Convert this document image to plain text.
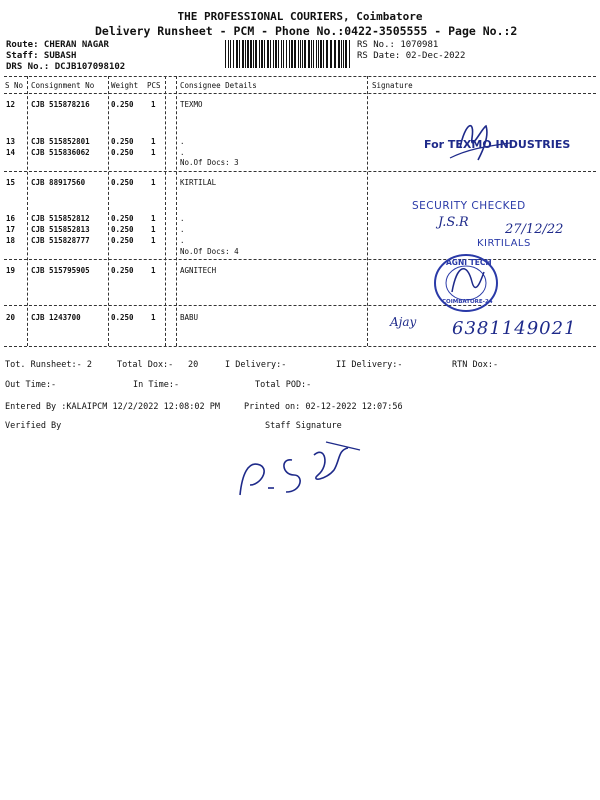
THE PROFESSIONAL COURIERS, Coimbatore
Delivery Runsheet - PCM - Phone No.:0422-3505555 - Page No.:2
Route: CHERAN NAGAR
Staff: SUBASH
DRS No.: DCJB107098102
RS No.: 1070981
RS Date: 02-Dec-2022
S No Consignment No Weight PCS	Consignee Details	Signature
12 CJB 515878216	0.250 1	TEXMO
13 CJB 515852801	0.250 1	.
14 CJB 515836062	0.250 1	.
No.Of Docs: 3
15 CJB 88917560	0.250 1	KIRTILAL
16 CJB 515852812	0.250 1	.
17 CJB 515852813	0.250 1	.
18 CJB 515828777	0.250 1	.
No.Of Docs: 4
19 CJB 515795905	0.250 1	AGNITECH
20 CJB 1243700	0.250 1	BABU
For TEXMO INDUSTRIES
SECURITY CHECKED
J.S.R	27/12/22
KIRTILALS
AGNI TECH
COIMBATORE-24
Ajay 6381149021
Tot. Runsheet:- 2	Total Dox:- 20	I Delivery:-	II Delivery:-	RTN Dox:-
Out Time:-	In Time:-	Total POD:-
Entered By :KALAIPCM 12/2/2022 12:08:02 PM	Printed on: 02-12-2022 12:07:56
Verified By	Staff Signature
